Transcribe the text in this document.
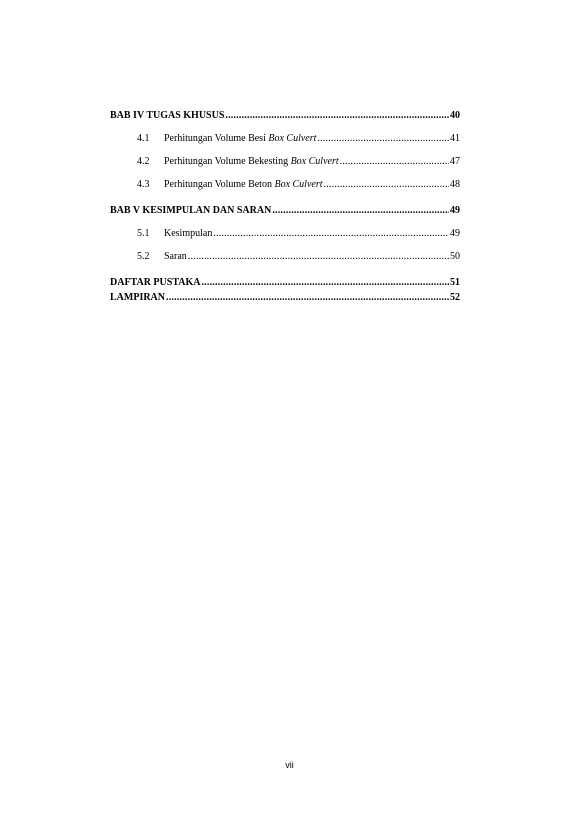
BAB IV TUGAS KHUSUS .....	40
4.1	Perhitungan Volume Besi Box Culvert .....	41
4.2	Perhitungan Volume Bekesting Box Culvert .....	47
4.3	Perhitungan Volume Beton Box Culvert .....	48
BAB V KESIMPULAN DAN SARAN .....	49
5.1	Kesimpulan .....	49
5.2	Saran .....	50
DAFTAR PUSTAKA .....	51
LAMPIRAN .....	52
vii
